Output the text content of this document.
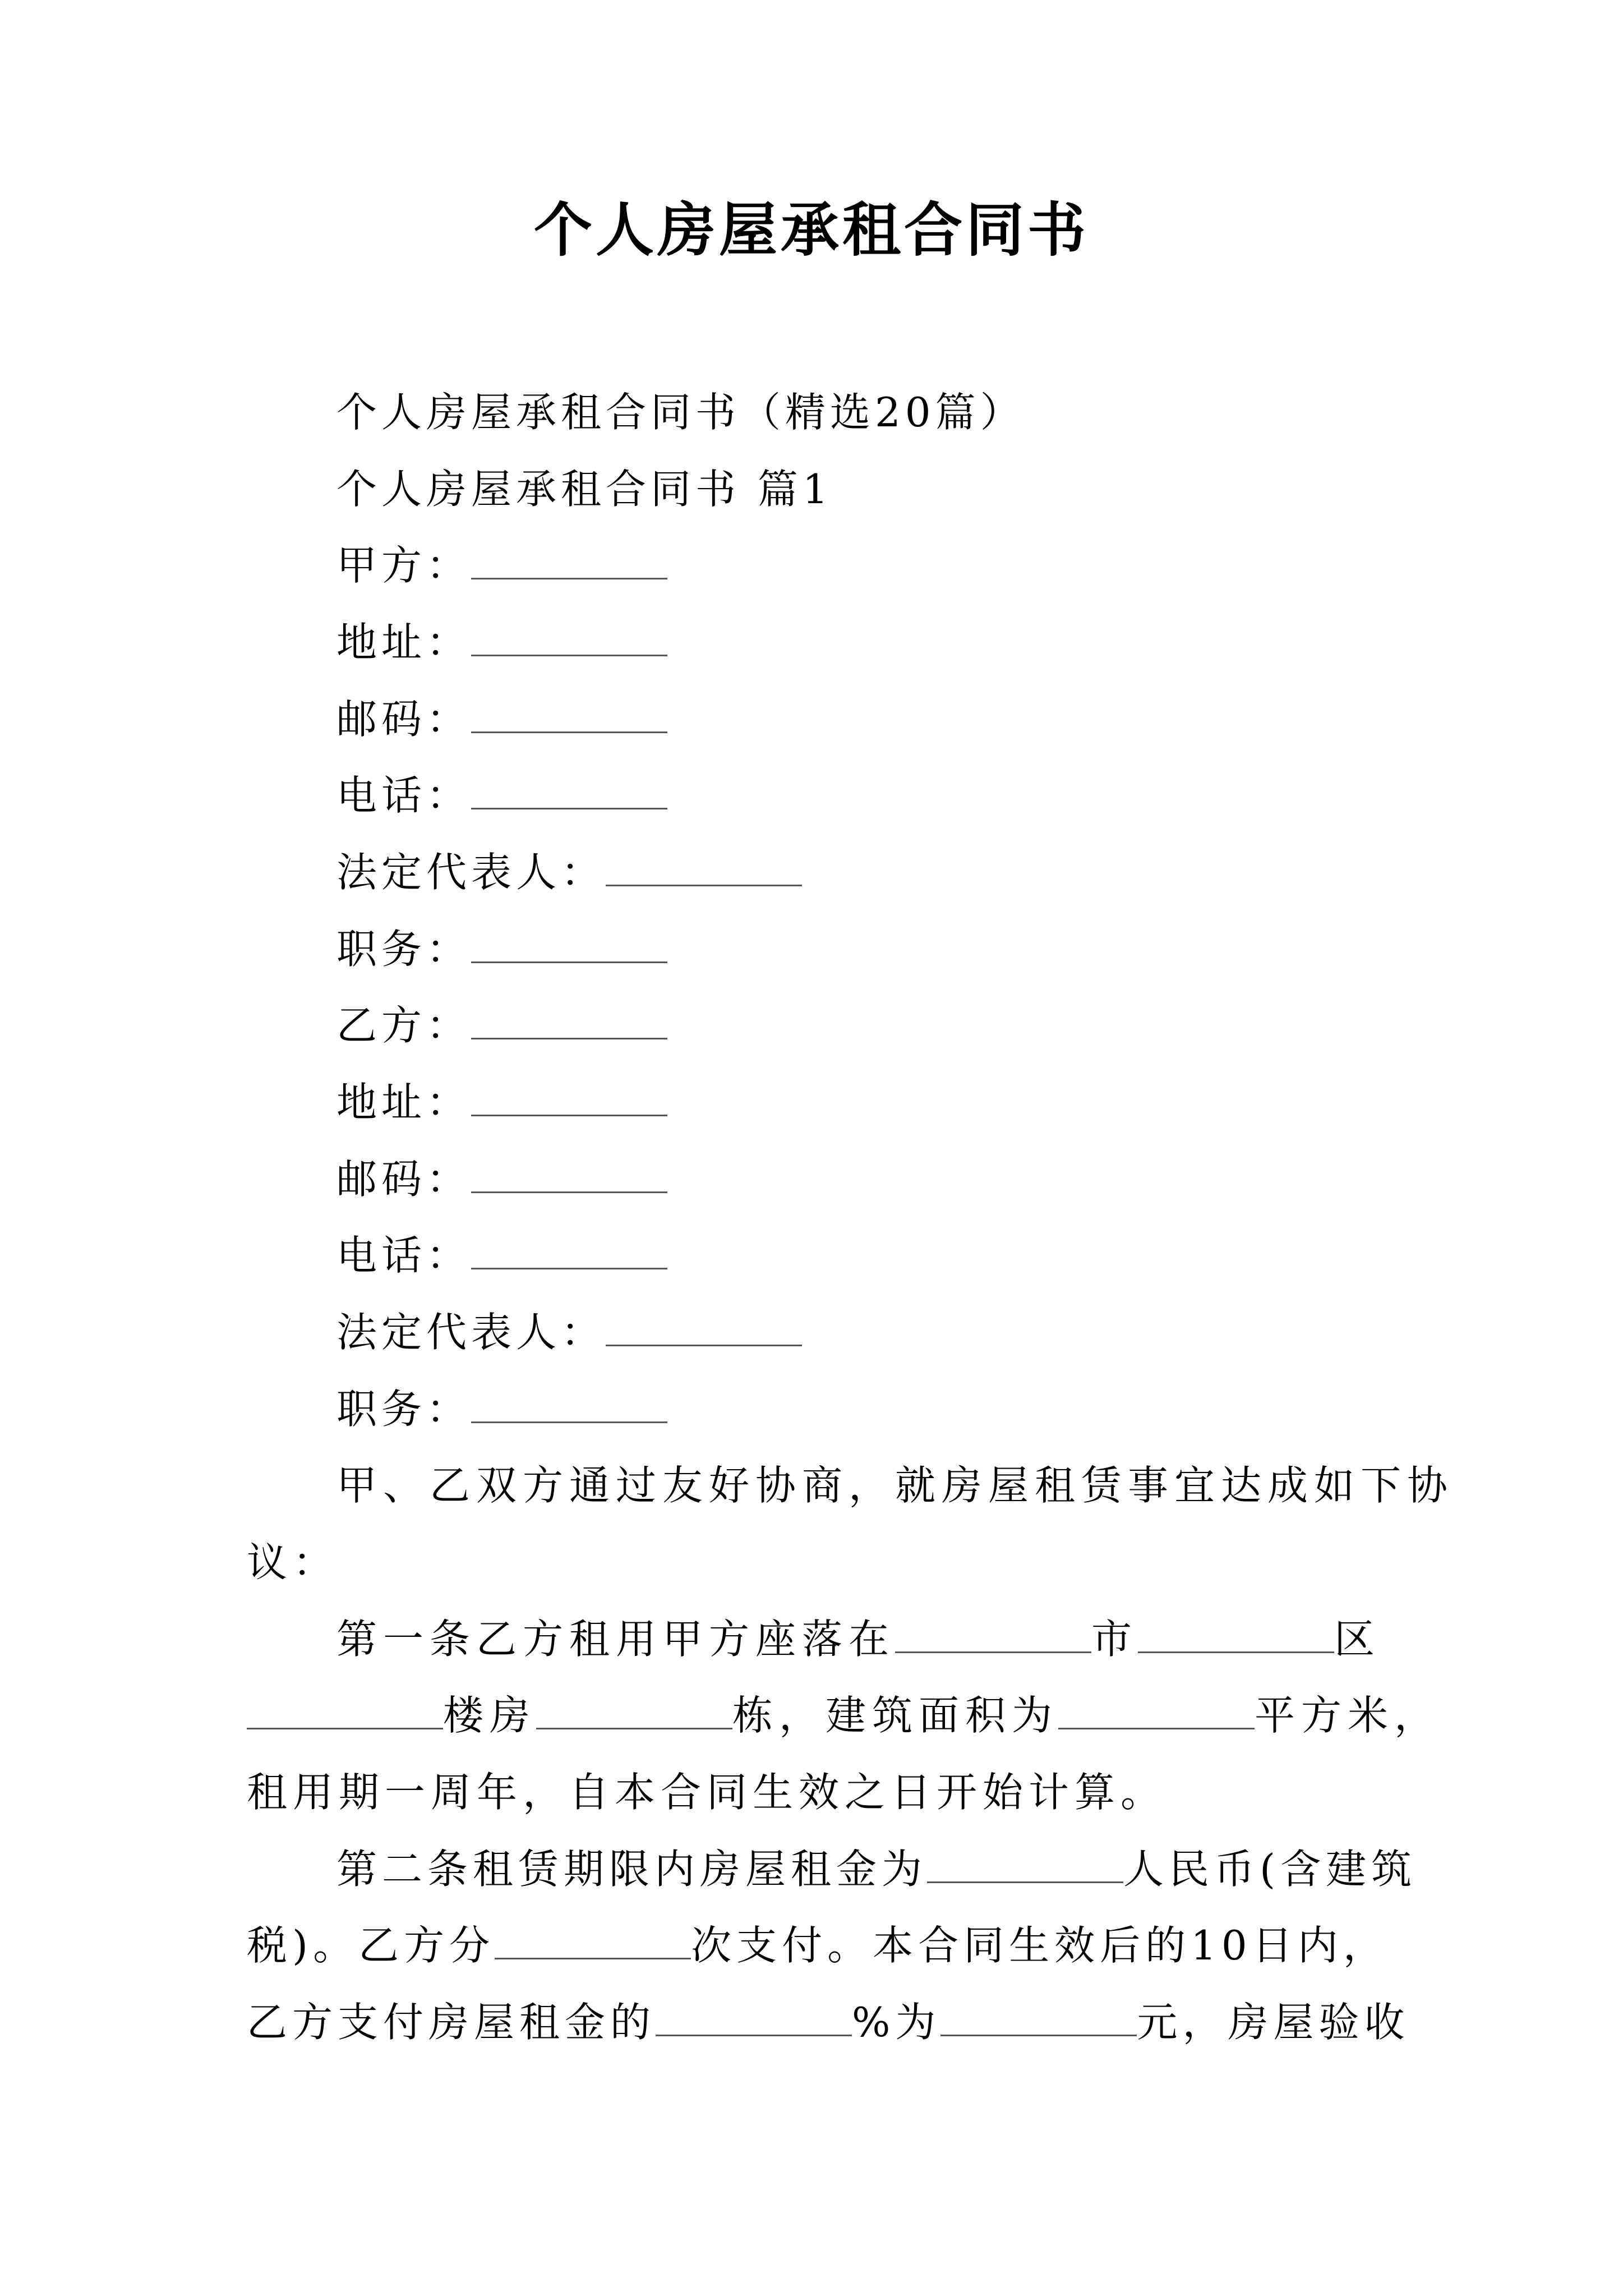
个人房屋承租合同书
个人房屋承租合同书（精选20篇）
个人房屋承租合同书 篇1
甲方：
地址：
邮码：
电话：
法定代表人：
职务：
乙方：
地址：
邮码：
电话：
法定代表人：
职务：
甲、乙双方通过友好协商，就房屋租赁事宜达成如下协
议：
第一条乙方租用甲方座落在	市	区
楼房	栋，建筑面积为	平方米，
租用期一周年，自本合同生效之日开始计算。
第二条租赁期限内房屋租金为	人民币(含建筑
税)。乙方分	次支付。本合同生效后的10日内，
乙方支付房屋租金的	%为	元，房屋验收
